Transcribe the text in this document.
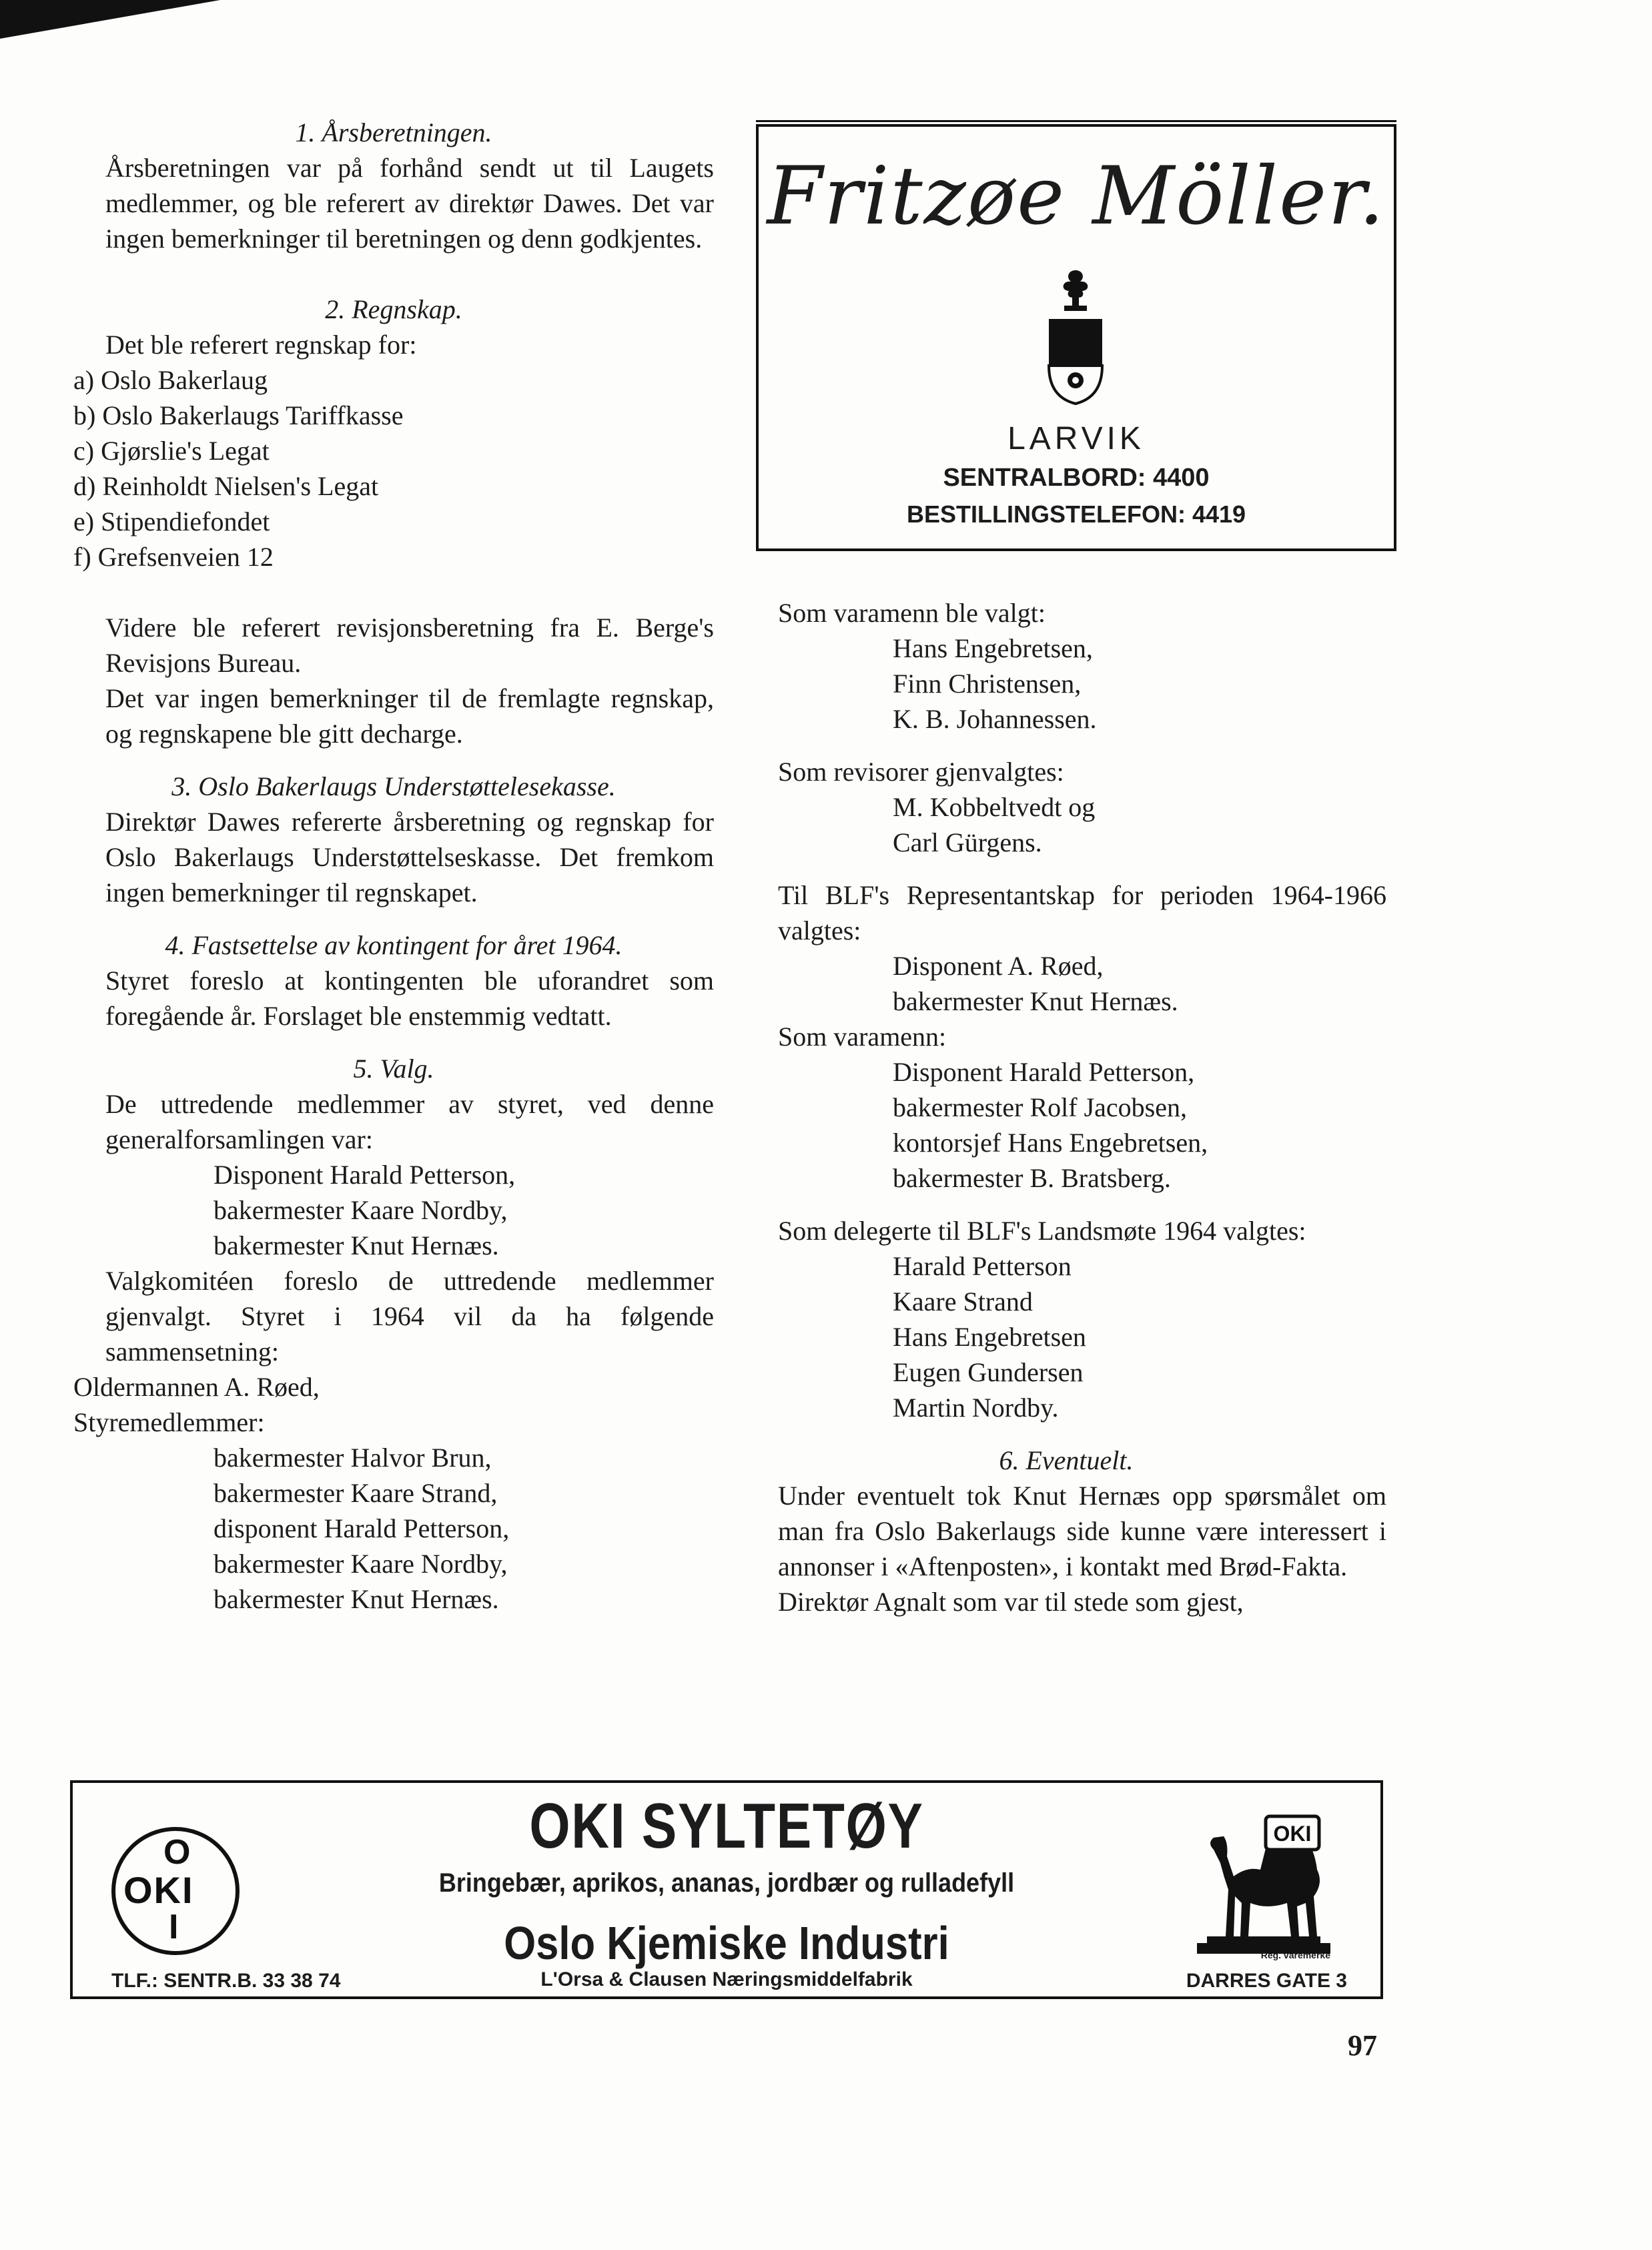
1. Årsberetningen.

Årsberetningen var på forhånd sendt ut til Laugets medlemmer, og ble referert av direktør Dawes. Det var ingen bemerkninger til beretningen og denn godkjentes.

2. Regnskap.

Det ble referert regnskap for:

a) Oslo Bakerlaug

b) Oslo Bakerlaugs Tariffkasse

c) Gjørslie's Legat

d) Reinholdt Nielsen's Legat

e) Stipendiefondet

f) Grefsenveien 12

Videre ble referert revisjonsberetning fra E. Berge's Revisjons Bureau.

Det var ingen bemerkninger til de fremlagte regnskap, og regnskapene ble gitt decharge.

3. Oslo Bakerlaugs Understøttelesekasse.

Direktør Dawes refererte årsberetning og regnskap for Oslo Bakerlaugs Understøttelseskasse. Det fremkom ingen bemerkninger til regnskapet.

4. Fastsettelse av kontingent for året 1964.

Styret foreslo at kontingenten ble uforandret som foregående år. Forslaget ble enstemmig vedtatt.

5. Valg.

De uttredende medlemmer av styret, ved denne generalforsamlingen var:

Disponent Harald Petterson,

bakermester Kaare Nordby,

bakermester Knut Hernæs.

Valgkomitéen foreslo de uttredende medlemmer gjenvalgt. Styret i 1964 vil da ha følgende sammensetning:

Oldermannen A. Røed,

Styremedlemmer:

bakermester Halvor Brun,

bakermester Kaare Strand,

disponent Harald Petterson,

bakermester Kaare Nordby,

bakermester Knut Hernæs.

Fritzøe Möller.
LARVIK
SENTRALBORD: 4400
BESTILLINGSTELEFON: 4419

Som varamenn ble valgt:

Hans Engebretsen,

Finn Christensen,

K. B. Johannessen.

Som revisorer gjenvalgtes:

M. Kobbeltvedt og

Carl Gürgens.

Til BLF's Representantskap for perioden 1964-1966 valgtes:

Disponent A. Røed,

bakermester Knut Hernæs.

Som varamenn:

Disponent Harald Petterson,

bakermester Rolf Jacobsen,

kontorsjef Hans Engebretsen,

bakermester B. Bratsberg.

Som delegerte til BLF's Landsmøte 1964 valgtes:

Harald Petterson

Kaare Strand

Hans Engebretsen

Eugen Gundersen

Martin Nordby.

6. Eventuelt.

Under eventuelt tok Knut Hernæs opp spørsmålet om man fra Oslo Bakerlaugs side kunne være interessert i annonser i «Aftenposten», i kontakt med Brød-Fakta.

Direktør Agnalt som var til stede som gjest,

O
OKI
I
OKI SYLTETØY
Bringebær, aprikos, ananas, jordbær og rulladefyll
Oslo Kjemiske Industri
L'Orsa & Clausen Næringsmiddelfabrik
TLF.: SENTR.B. 33 38 74	DARRES GATE 3
OKI
Reg. varemerke
97
